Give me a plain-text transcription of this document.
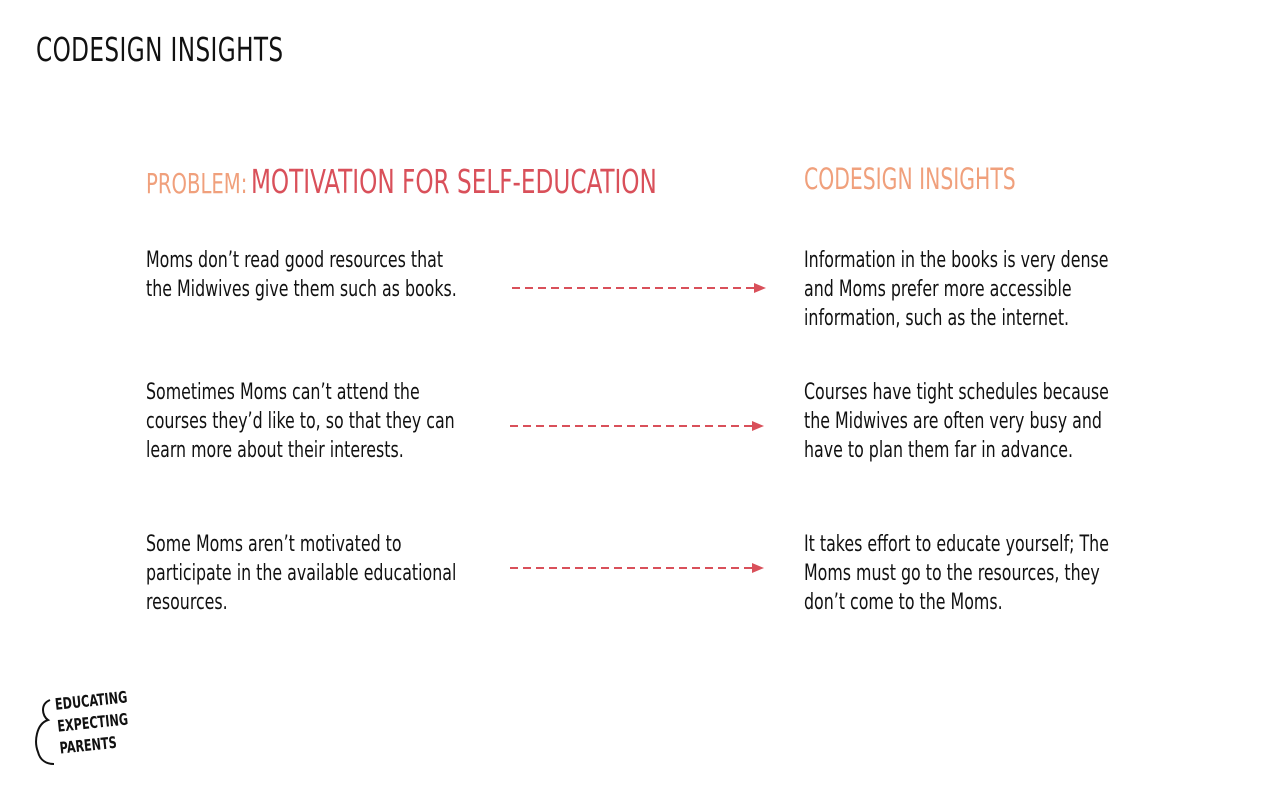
CODESIGN INSIGHTS
PROBLEM: MOTIVATION FOR SELF-EDUCATION	CODESIGN INSIGHTS
Moms don’t read good resources that
the Midwives give them such as books.
Information in the books is very dense
and Moms prefer more accessible
information, such as the internet.
Sometimes Moms can’t attend the
courses they’d like to, so that they can
learn more about their interests.
Courses have tight schedules because
the Midwives are often very busy and
have to plan them far in advance.
Some Moms aren’t motivated to
participate in the available educational
resources.
It takes effort to educate yourself; The
Moms must go to the resources, they
don’t come to the Moms.
EDUCATING
EXPECTING
PARENTS
